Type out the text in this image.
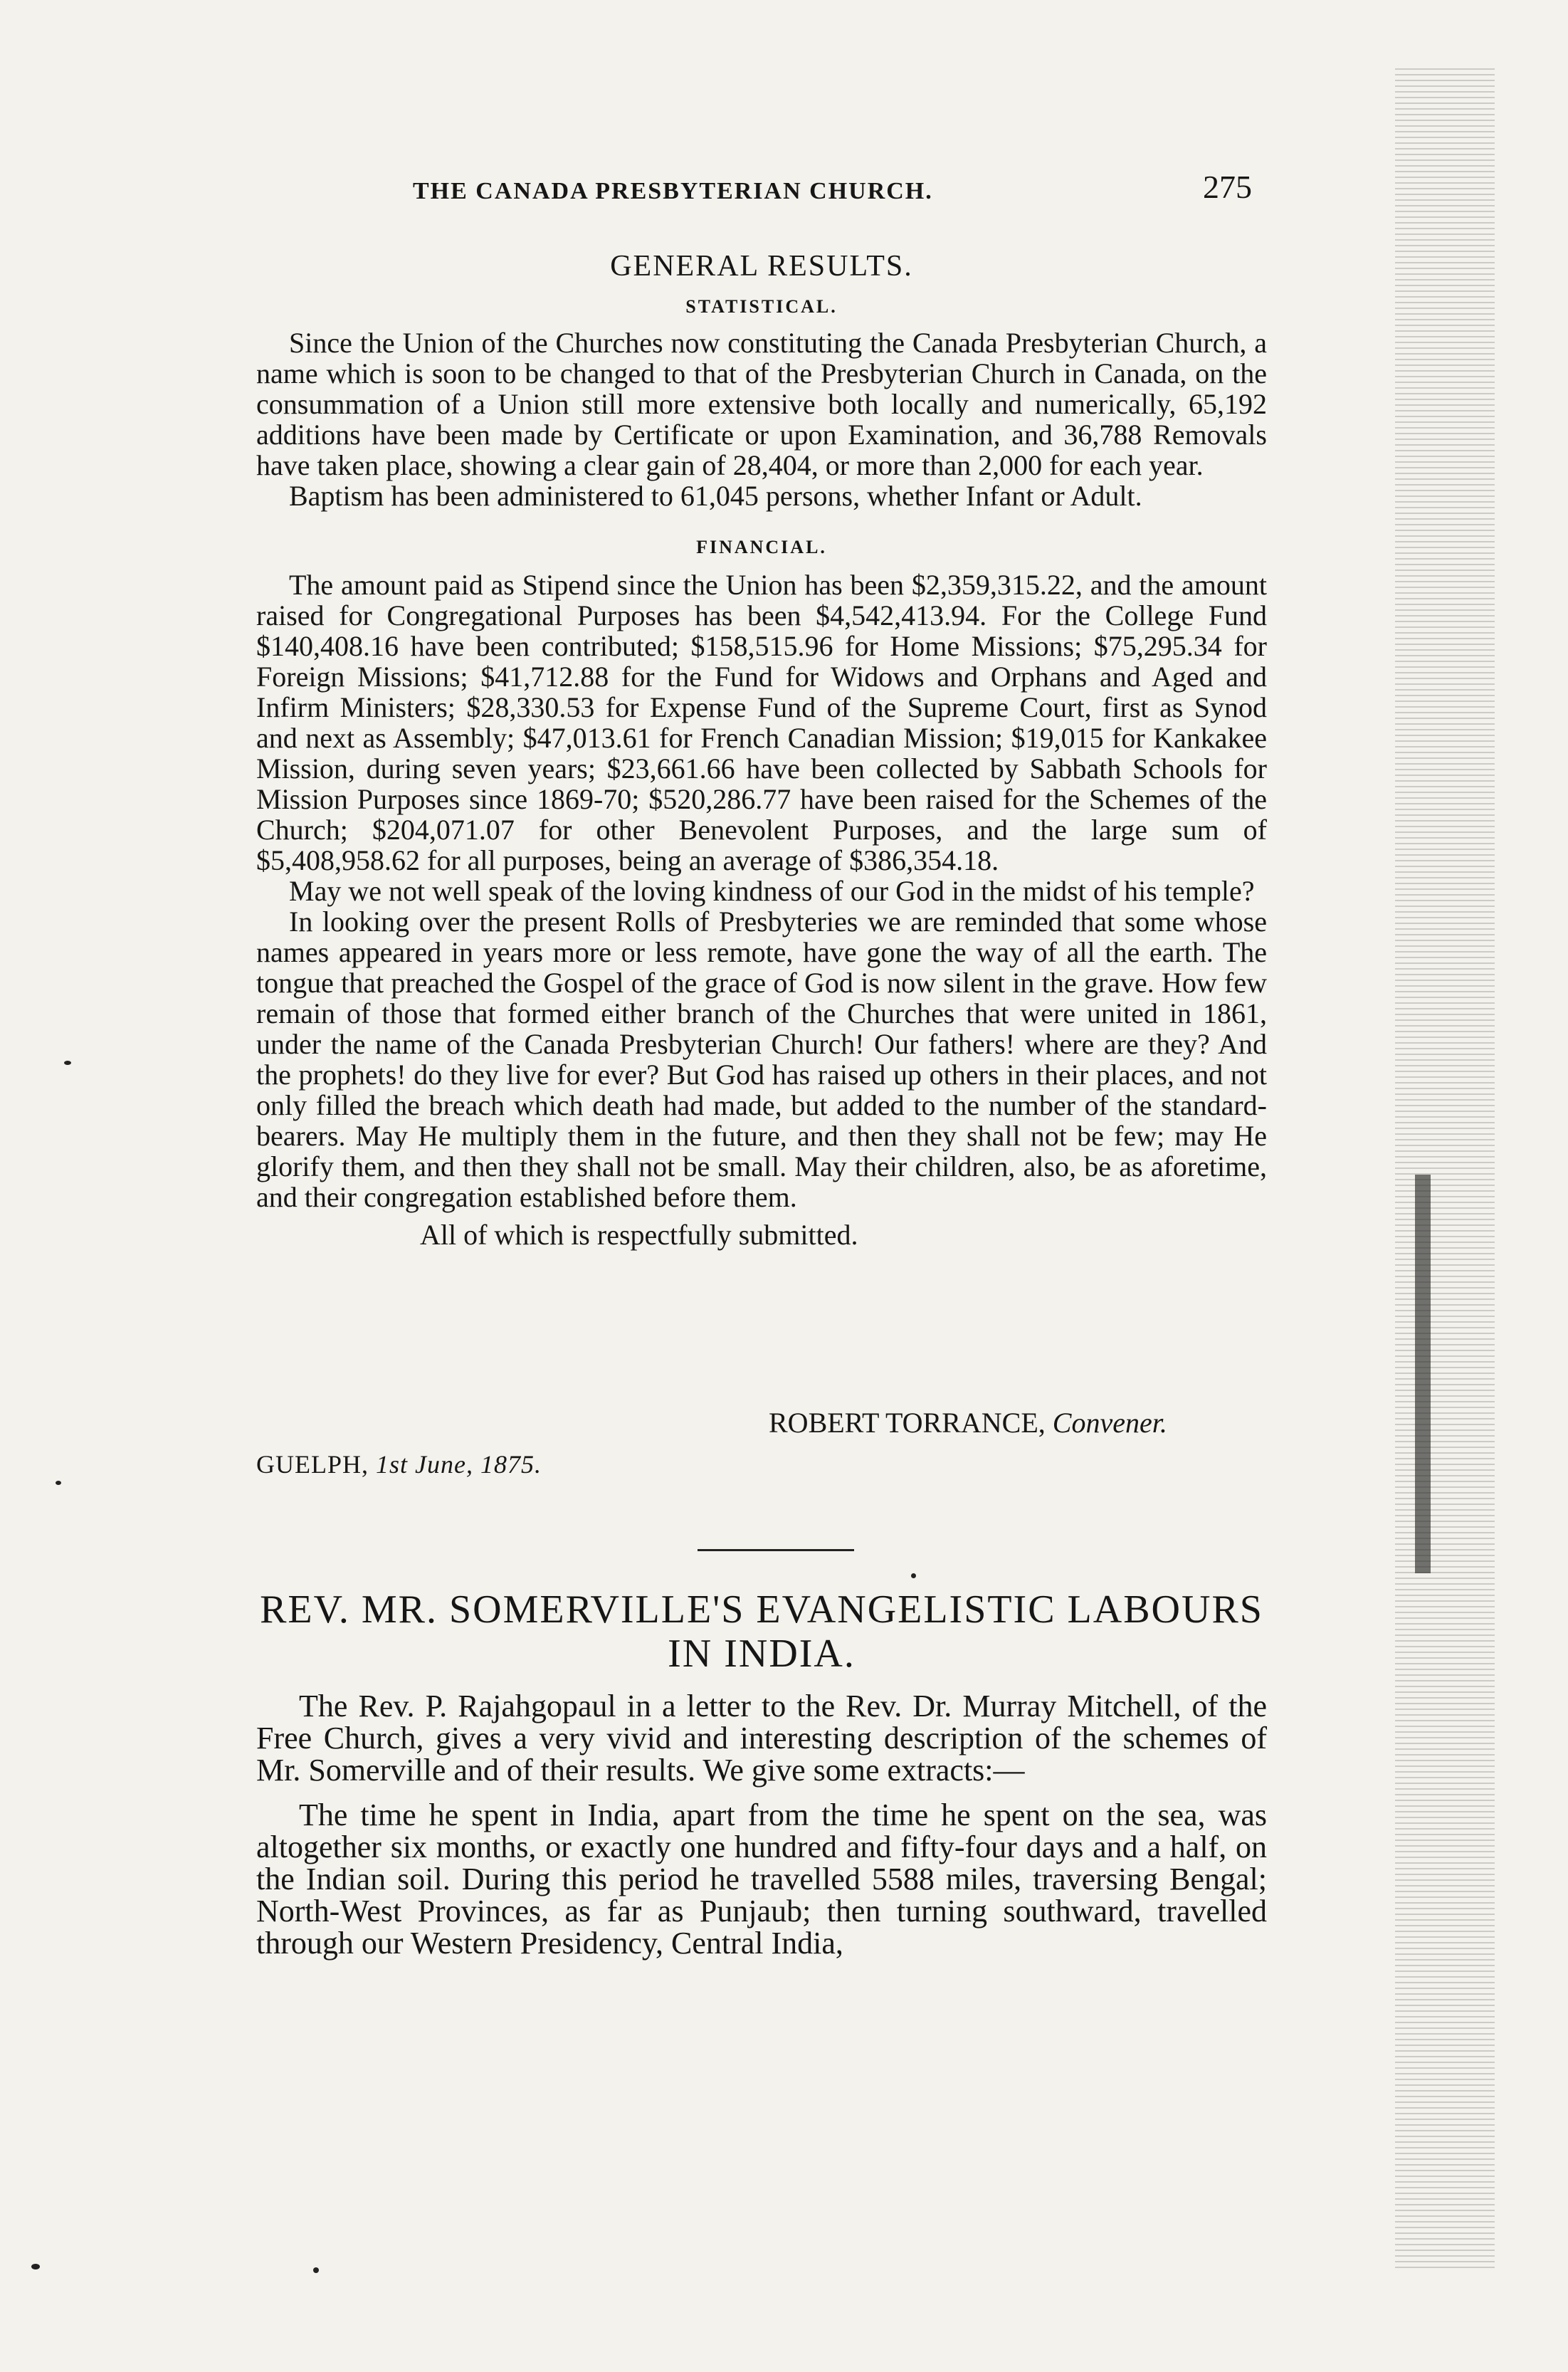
THE CANADA PRESBYTERIAN CHURCH.	275
GENERAL RESULTS.
STATISTICAL.

Since the Union of the Churches now constituting the Canada Presbyterian Church, a name which is soon to be changed to that of the Presbyterian Church in Canada, on the consummation of a Union still more extensive both locally and numerically, 65,192 additions have been made by Certificate or upon Examination, and 36,788 Removals have taken place, showing a clear gain of 28,404, or more than 2,000 for each year.

Baptism has been administered to 61,045 persons, whether Infant or Adult.

FINANCIAL.

The amount paid as Stipend since the Union has been $2,359,315.22, and the amount raised for Congregational Purposes has been $4,542,413.94. For the College Fund $140,408.16 have been contributed; $158,515.96 for Home Missions; $75,295.34 for Foreign Missions; $41,712.88 for the Fund for Widows and Orphans and Aged and Infirm Ministers; $28,330.53 for Expense Fund of the Supreme Court, first as Synod and next as Assembly; $47,013.61 for French Canadian Mission; $19,015 for Kankakee Mission, during seven years; $23,661.66 have been collected by Sabbath Schools for Mission Purposes since 1869-70; $520,286.77 have been raised for the Schemes of the Church; $204,071.07 for other Benevolent Purposes, and the large sum of $5,408,958.62 for all purposes, being an average of $386,354.18.

May we not well speak of the loving kindness of our God in the midst of his temple?

In looking over the present Rolls of Presbyteries we are reminded that some whose names appeared in years more or less remote, have gone the way of all the earth. The tongue that preached the Gospel of the grace of God is now silent in the grave. How few remain of those that formed either branch of the Churches that were united in 1861, under the name of the Canada Presbyterian Church! Our fathers! where are they? And the prophets! do they live for ever? But God has raised up others in their places, and not only filled the breach which death had made, but added to the number of the standard-bearers. May He multiply them in the future, and then they shall not be few; may He glorify them, and then they shall not be small. May their children, also, be as aforetime, and their congregation established before them.

All of which is respectfully submitted.
ROBERT TORRANCE, Convener.
GUELPH, 1st June, 1875.
REV. MR. SOMERVILLE'S EVANGELISTIC LABOURS
IN INDIA.

The Rev. P. Rajahgopaul in a letter to the Rev. Dr. Murray Mitchell, of the Free Church, gives a very vivid and interesting description of the schemes of Mr. Somerville and of their results. We give some extracts:—

The time he spent in India, apart from the time he spent on the sea, was altogether six months, or exactly one hundred and fifty-four days and a half, on the Indian soil. During this period he travelled 5588 miles, traversing Bengal; North-West Provinces, as far as Punjaub; then turning southward, travelled through our Western Presidency, Central India,
